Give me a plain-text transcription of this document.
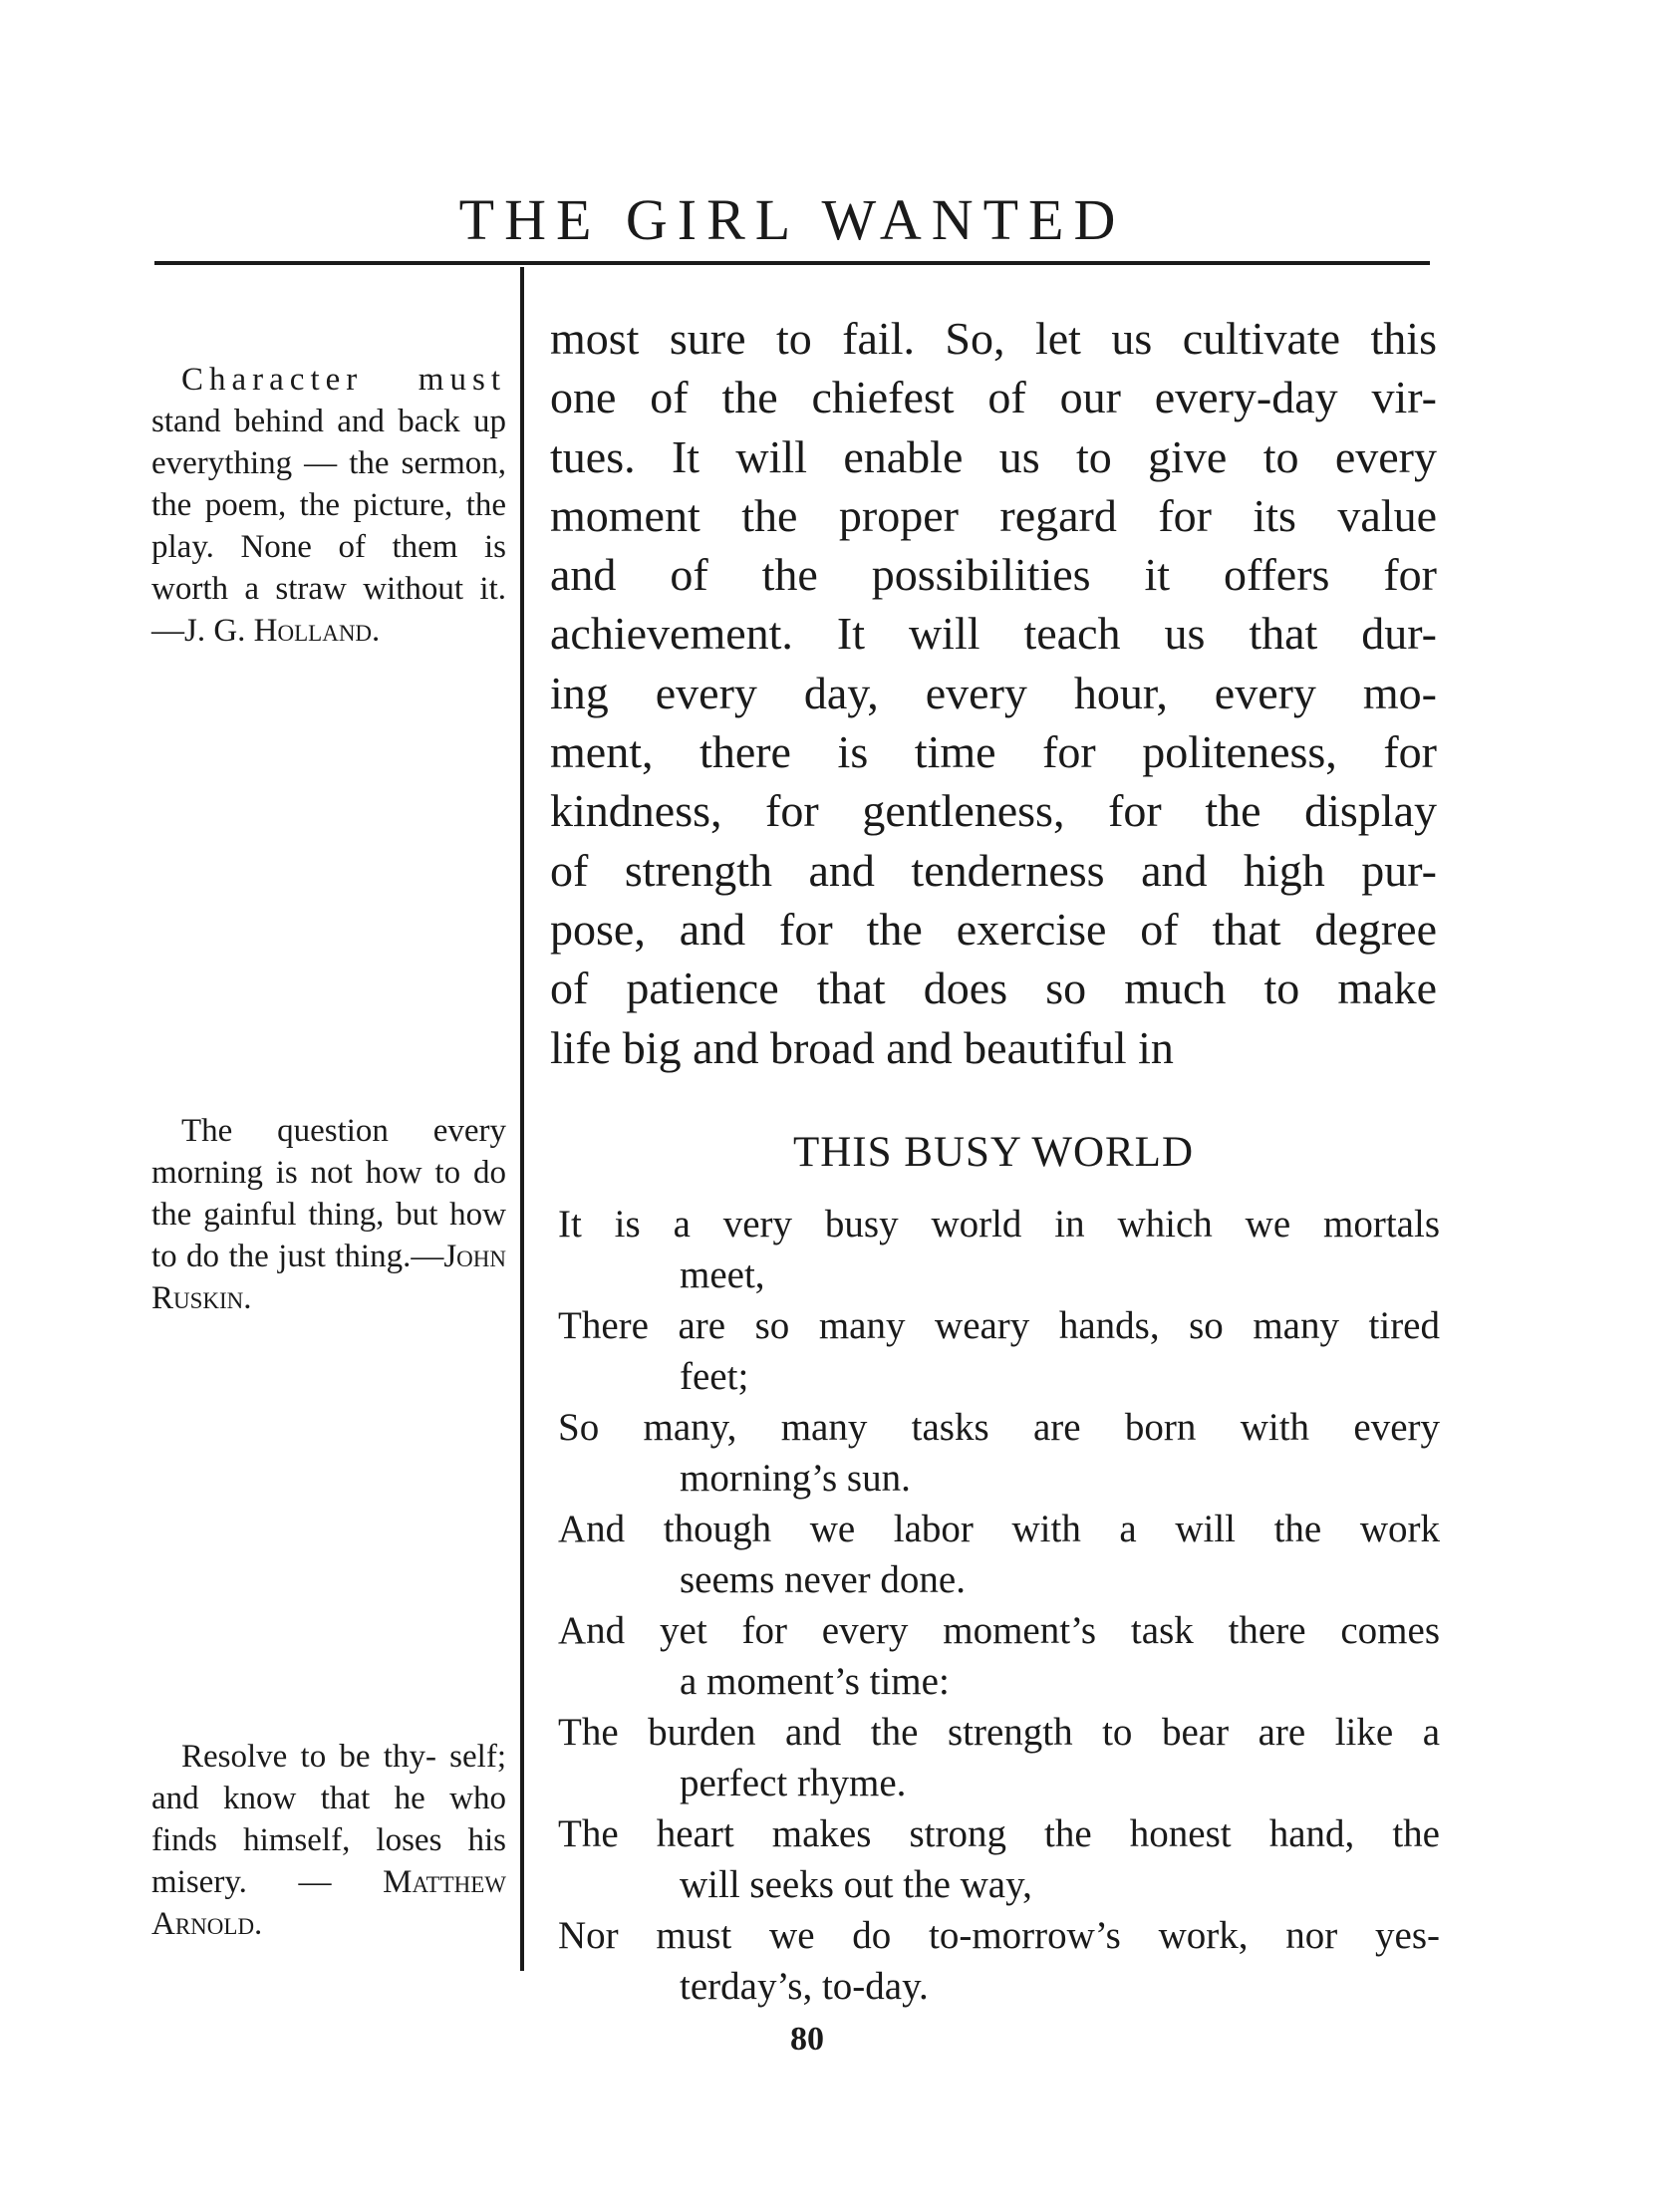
THE GIRL WANTED
Character must stand behind and back up everything — the sermon, the poem, the picture, the play. None of them is worth a straw without it.—J. G. Holland.
The question every morning is not how to do the gainful thing, but how to do the just thing.—John Ruskin.
Resolve to be thy- self; and know that he who finds himself, loses his misery. — Matthew Arnold.
most sure to fail. So, let us cultivate this
one of the chiefest of our every-day vir-
tues. It will enable us to give to every
moment the proper regard for its value
and of the possibilities it offers for
achievement. It will teach us that dur-
ing every day, every hour, every mo-
ment, there is time for politeness, for
kindness, for gentleness, for the display
of strength and tenderness and high pur-
pose, and for the exercise of that degree
of patience that does so much to make
life big and broad and beautiful in
THIS BUSY WORLD
It is a very busy world in which we mortals
meet,
There are so many weary hands, so many tired
feet;
So many, many tasks are born with every
morning’s sun.
And though we labor with a will the work
seems never done.
And yet for every moment’s task there comes
a moment’s time:
The burden and the strength to bear are like a
perfect rhyme.
The heart makes strong the honest hand, the
will seeks out the way,
Nor must we do to-morrow’s work, nor yes-
terday’s, to-day.
80
